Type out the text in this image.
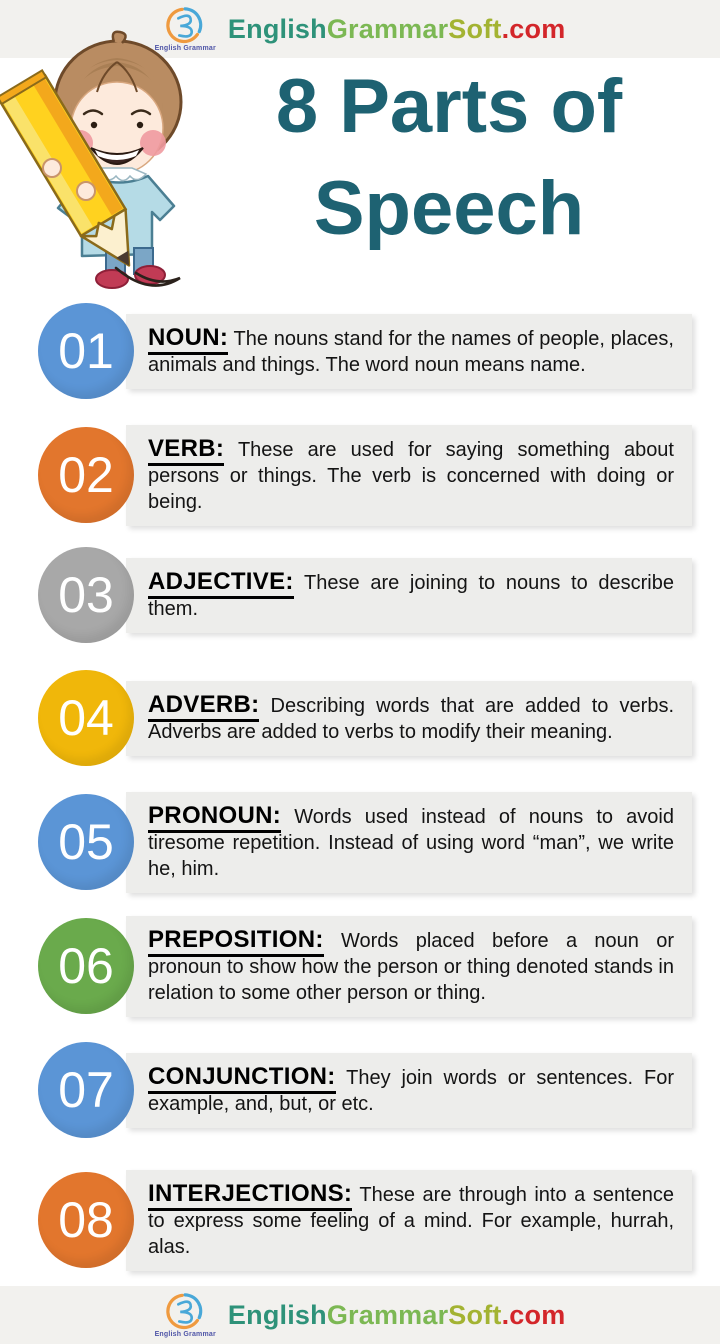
English Grammar
EnglishGrammarSoft.com
8 Parts of
Speech
01	NOUN: The nouns stand for the names of people, places, animals and things. The word noun means name.

02	VERB: These are used for saying something about persons or things. The verb is concerned with doing or being.

03	ADJECTIVE: These are joining to nouns to describe them.

04	ADVERB: Describing words that are added to verbs. Adverbs are added to verbs to modify their meaning.

05	PRONOUN: Words used instead of nouns to avoid tiresome repetition. Instead of using word “man”, we write he, him.

06	PREPOSITION: Words placed before a noun or pronoun to show how the person or thing denoted stands in relation to some other person or thing.

07	CONJUNCTION: They join words or sentences. For example, and, but, or etc.

08	INTERJECTIONS: These are through into a sentence to express some feeling of a mind. For example, hurrah, alas.

English Grammar
EnglishGrammarSoft.com
